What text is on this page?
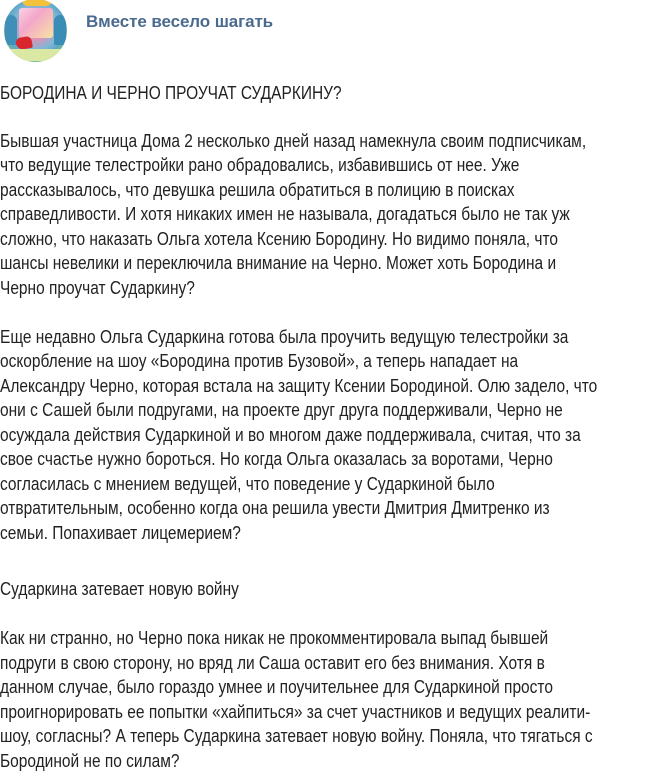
Вместе весело шагать
БОРОДИНА И ЧЕРНО ПРОУЧАТ СУДАРКИНУ?
Бывшая участница Дома 2 несколько дней назад намекнула своим подписчикам,
что ведущие телестройки рано обрадовались, избавившись от нее. Уже
рассказывалось, что девушка решила обратиться в полицию в поисках
справедливости. И хотя никаких имен не называла, догадаться было не так уж
сложно, что наказать Ольга хотела Ксению Бородину. Но видимо поняла, что
шансы невелики и переключила внимание на Черно. Может хоть Бородина и
Черно проучат Сударкину?
Еще недавно Ольга Сударкина готова была проучить ведущую телестройки за
оскорбление на шоу «Бородина против Бузовой», а теперь нападает на
Александру Черно, которая встала на защиту Ксении Бородиной. Олю задело, что
они с Сашей были подругами, на проекте друг друга поддерживали, Черно не
осуждала действия Сударкиной и во многом даже поддерживала, считая, что за
свое счастье нужно бороться. Но когда Ольга оказалась за воротами, Черно
согласилась с мнением ведущей, что поведение у Сударкиной было
отвратительным, особенно когда она решила увести Дмитрия Дмитренко из
семьи. Попахивает лицемерием?
Сударкина затевает новую войну
Как ни странно, но Черно пока никак не прокомментировала выпад бывшей
подруги в свою сторону, но вряд ли Саша оставит его без внимания. Хотя в
данном случае, было гораздо умнее и поучительнее для Сударкиной просто
проигнорировать ее попытки «хайпиться» за счет участников и ведущих реалити-
шоу, согласны? А теперь Сударкина затевает новую войну. Поняла, что тягаться с
Бородиной не по силам?
